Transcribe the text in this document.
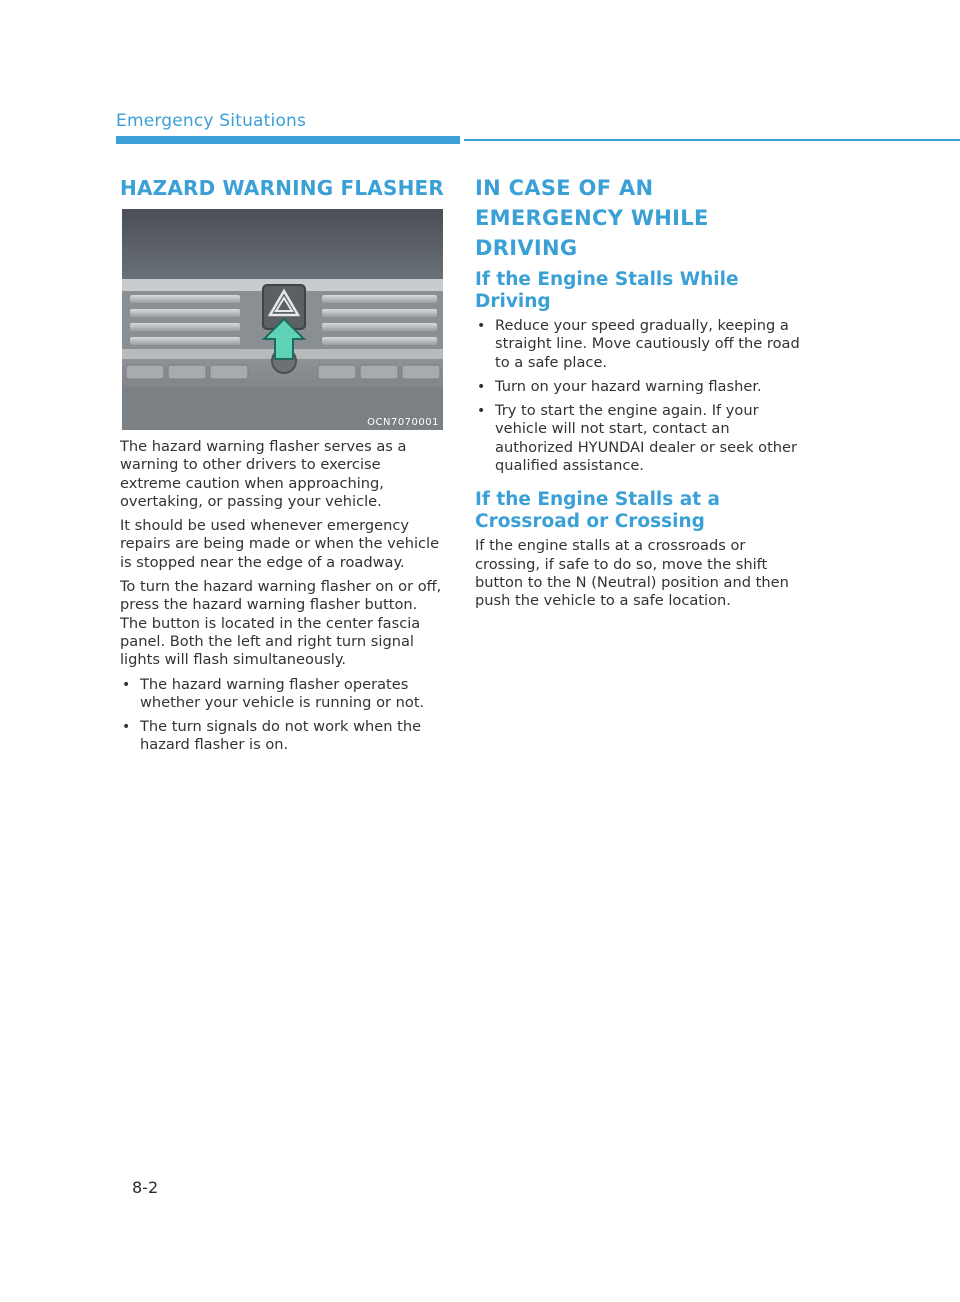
Emergency Situations
HAZARD WARNING FLASHER
OCN7070001

The hazard warning flasher serves as a warning to other drivers to exercise extreme caution when approaching, overtaking, or passing your vehicle.

It should be used whenever emergency repairs are being made or when the vehicle is stopped near the edge of a roadway.

To turn the hazard warning flasher on or off, press the hazard warning flasher button. The button is located in the center fascia panel. Both the left and right turn signal lights will flash simultaneously.

• The hazard warning flasher operates whether your vehicle is running or not.
• The turn signals do not work when the hazard flasher is on.
IN CASE OF AN EMERGENCY WHILE DRIVING
If the Engine Stalls While Driving
• Reduce your speed gradually, keeping a straight line. Move cautiously off the road to a safe place.
• Turn on your hazard warning flasher.
• Try to start the engine again. If your vehicle will not start, contact an authorized HYUNDAI dealer or seek other qualified assistance.
If the Engine Stalls at a Crossroad or Crossing

If the engine stalls at a crossroads or crossing, if safe to do so, move the shift button to the N (Neutral) position and then push the vehicle to a safe location.

8-2
